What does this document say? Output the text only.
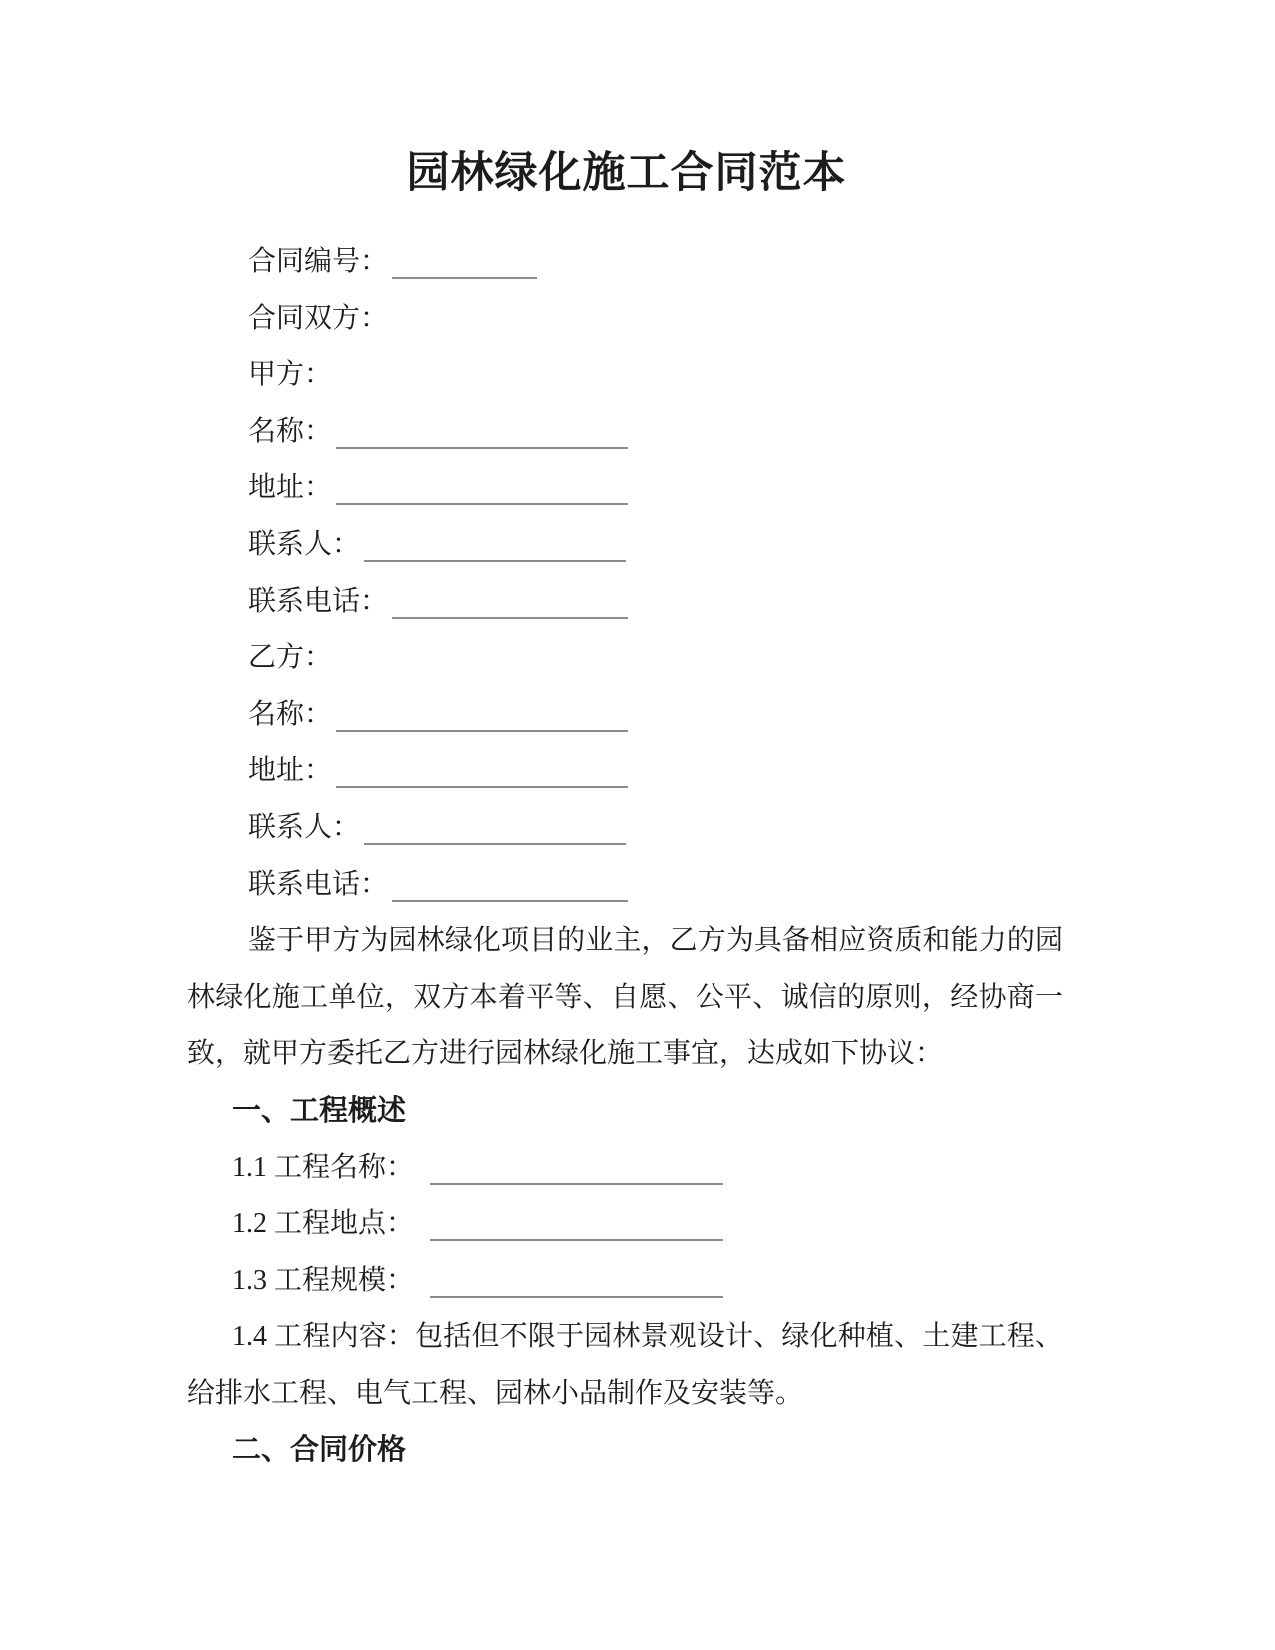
园林绿化施工合同范本

合同编号：

合同双方：

甲方：

名称：

地址：

联系人：

联系电话：

乙方：

名称：

地址：

联系人：

联系电话：

鉴于甲方为园林绿化项目的业主，乙方为具备相应资质和能力的园林绿化施工单位，双方本着平等、自愿、公平、诚信的原则，经协商一致，就甲方委托乙方进行园林绿化施工事宜，达成如下协议：

一、工程概述

1.1 工程名称：

1.2 工程地点：

1.3 工程规模：

1.4 工程内容：包括但不限于园林景观设计、绿化种植、土建工程、给排水工程、电气工程、园林小品制作及安装等。

二、合同价格
